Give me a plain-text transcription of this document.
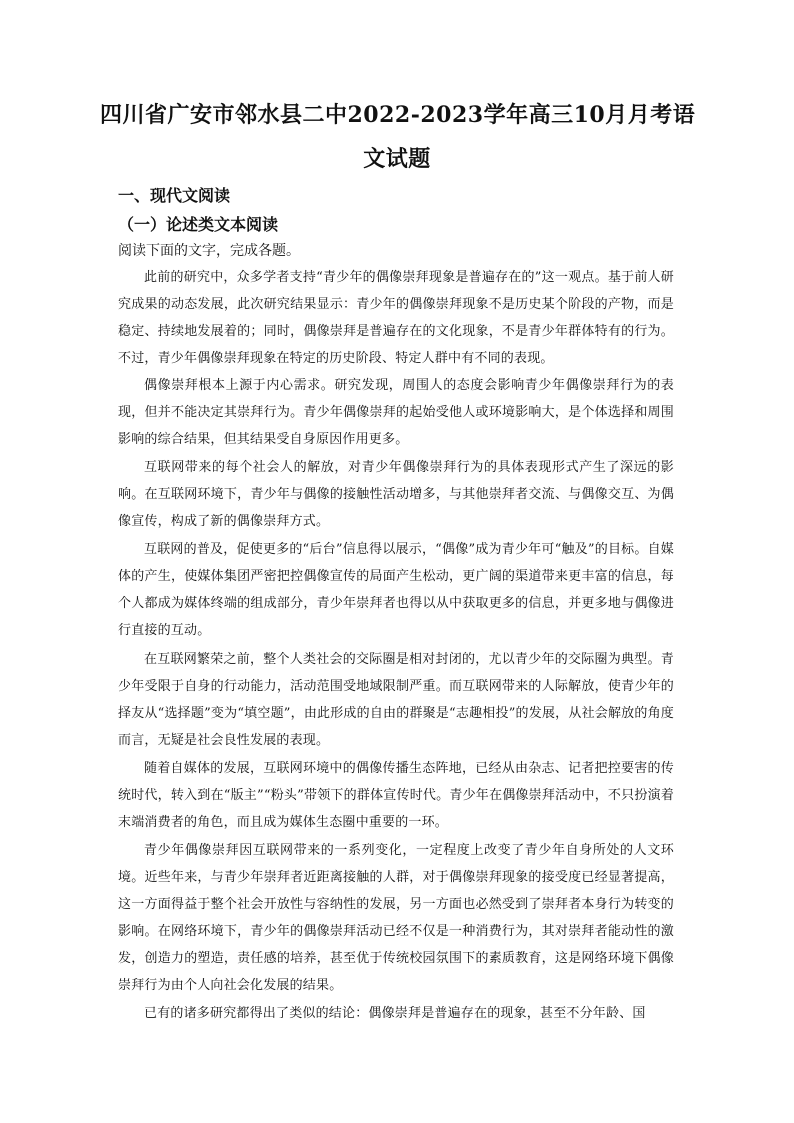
四川省广安市邻水县二中2022-2023学年高三10月月考语
文试题
一、现代文阅读
（一）论述类文本阅读
阅读下面的文字，完成各题。

此前的研究中，众多学者支持“青少年的偶像崇拜现象是普遍存在的”这一观点。基于前人研究成果的动态发展，此次研究结果显示：青少年的偶像崇拜现象不是历史某个阶段的产物，而是稳定、持续地发展着的；同时，偶像崇拜是普遍存在的文化现象，不是青少年群体特有的行为。不过，青少年偶像崇拜现象在特定的历史阶段、特定人群中有不同的表现。

偶像崇拜根本上源于内心需求。研究发现，周围人的态度会影响青少年偶像崇拜行为的表现，但并不能决定其崇拜行为。青少年偶像崇拜的起始受他人或环境影响大，是个体选择和周围影响的综合结果，但其结果受自身原因作用更多。

互联网带来的每个社会人的解放，对青少年偶像崇拜行为的具体表现形式产生了深远的影响。在互联网环境下，青少年与偶像的接触性活动增多，与其他崇拜者交流、与偶像交互、为偶像宣传，构成了新的偶像崇拜方式。

互联网的普及，促使更多的“后台”信息得以展示，“偶像”成为青少年可“触及”的目标。自媒体的产生，使媒体集团严密把控偶像宣传的局面产生松动，更广阔的渠道带来更丰富的信息，每个人都成为媒体终端的组成部分，青少年崇拜者也得以从中获取更多的信息，并更多地与偶像进行直接的互动。

在互联网繁荣之前，整个人类社会的交际圈是相对封闭的，尤以青少年的交际圈为典型。青少年受限于自身的行动能力，活动范围受地域限制严重。而互联网带来的人际解放，使青少年的择友从“选择题”变为“填空题”，由此形成的自由的群聚是“志趣相投”的发展，从社会解放的角度而言，无疑是社会良性发展的表现。

随着自媒体的发展，互联网环境中的偶像传播生态阵地，已经从由杂志、记者把控要害的传统时代，转入到在“版主”“粉头”带领下的群体宣传时代。青少年在偶像崇拜活动中，不只扮演着末端消费者的角色，而且成为媒体生态圈中重要的一环。

青少年偶像崇拜因互联网带来的一系列变化，一定程度上改变了青少年自身所处的人文环境。近些年来，与青少年崇拜者近距离接触的人群，对于偶像崇拜现象的接受度已经显著提高，这一方面得益于整个社会开放性与容纳性的发展，另一方面也必然受到了崇拜者本身行为转变的影响。在网络环境下，青少年的偶像崇拜活动已经不仅是一种消费行为，其对崇拜者能动性的激发，创造力的塑造，责任感的培养，甚至优于传统校园氛围下的素质教育，这是网络环境下偶像崇拜行为由个人向社会化发展的结果。

已有的诸多研究都得出了类似的结论：偶像崇拜是普遍存在的现象，甚至不分年龄、国
